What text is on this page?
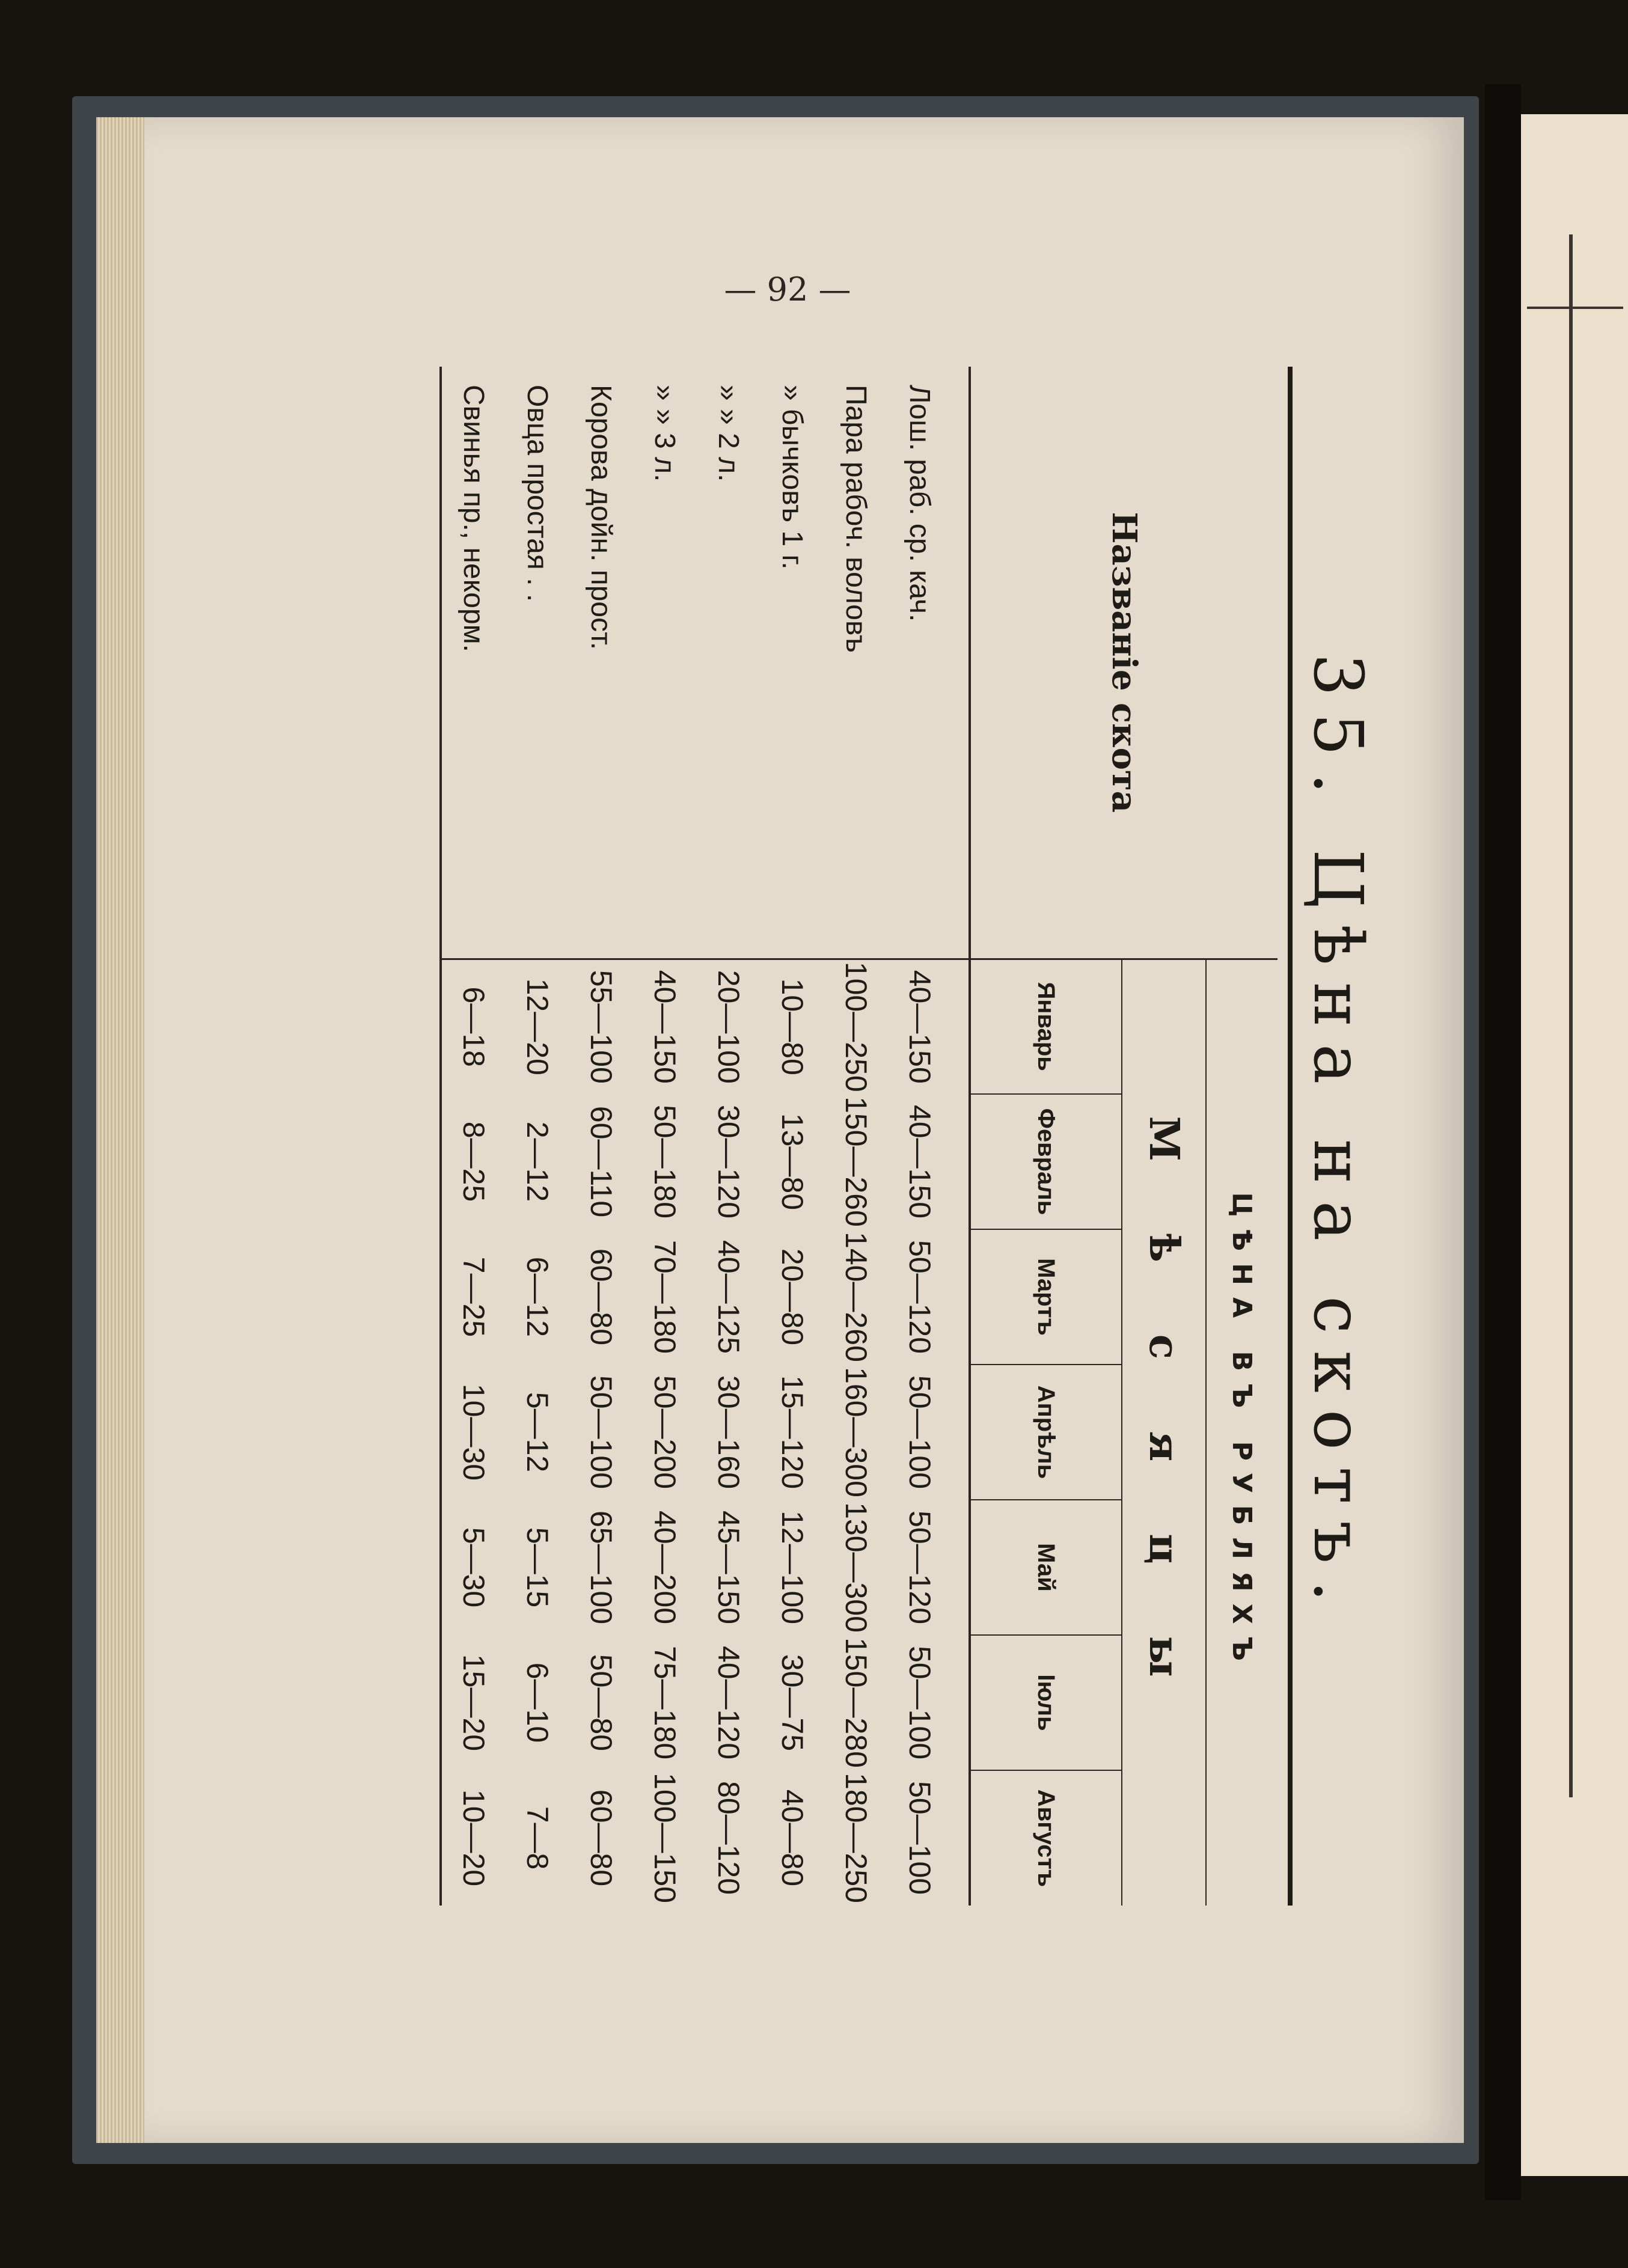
— 92 —
35. Цѣна на скотъ.
Названіе скота	ЦѢНА ВЪ РУБЛЯХЪ						
	Мѣсяцы						
	Январь	Февраль	Мартъ	Апрѣль	Май	Іюль	Августъ

Лош. раб. ср. кач.	40—150	40—150	50—120	50—100	50—120	50—100	50—100
Пара рабоч. воловъ	100—250	150—260	140—260	160—300	130—300	150—280	180—250
» бычковъ 1 г.	10—80	13—80	20—80	15—120	12—100	30—75	40—80
» » 2 л.	20—100	30—120	40—125	30—160	45—150	40—120	80—120
» » 3 л.	40—150	50—180	70—180	50—200	40—200	75—180	100—150
Корова дойн. прост.	55—100	60—110	60—80	50—100	65—100	50—80	60—80
Овца простая . .	12—20	2—12	6—12	5—12	5—15	6—10	7—8
Свинья пр., некорм.	6—18	8—25	7—25	10—30	5—30	15—20	10—20
